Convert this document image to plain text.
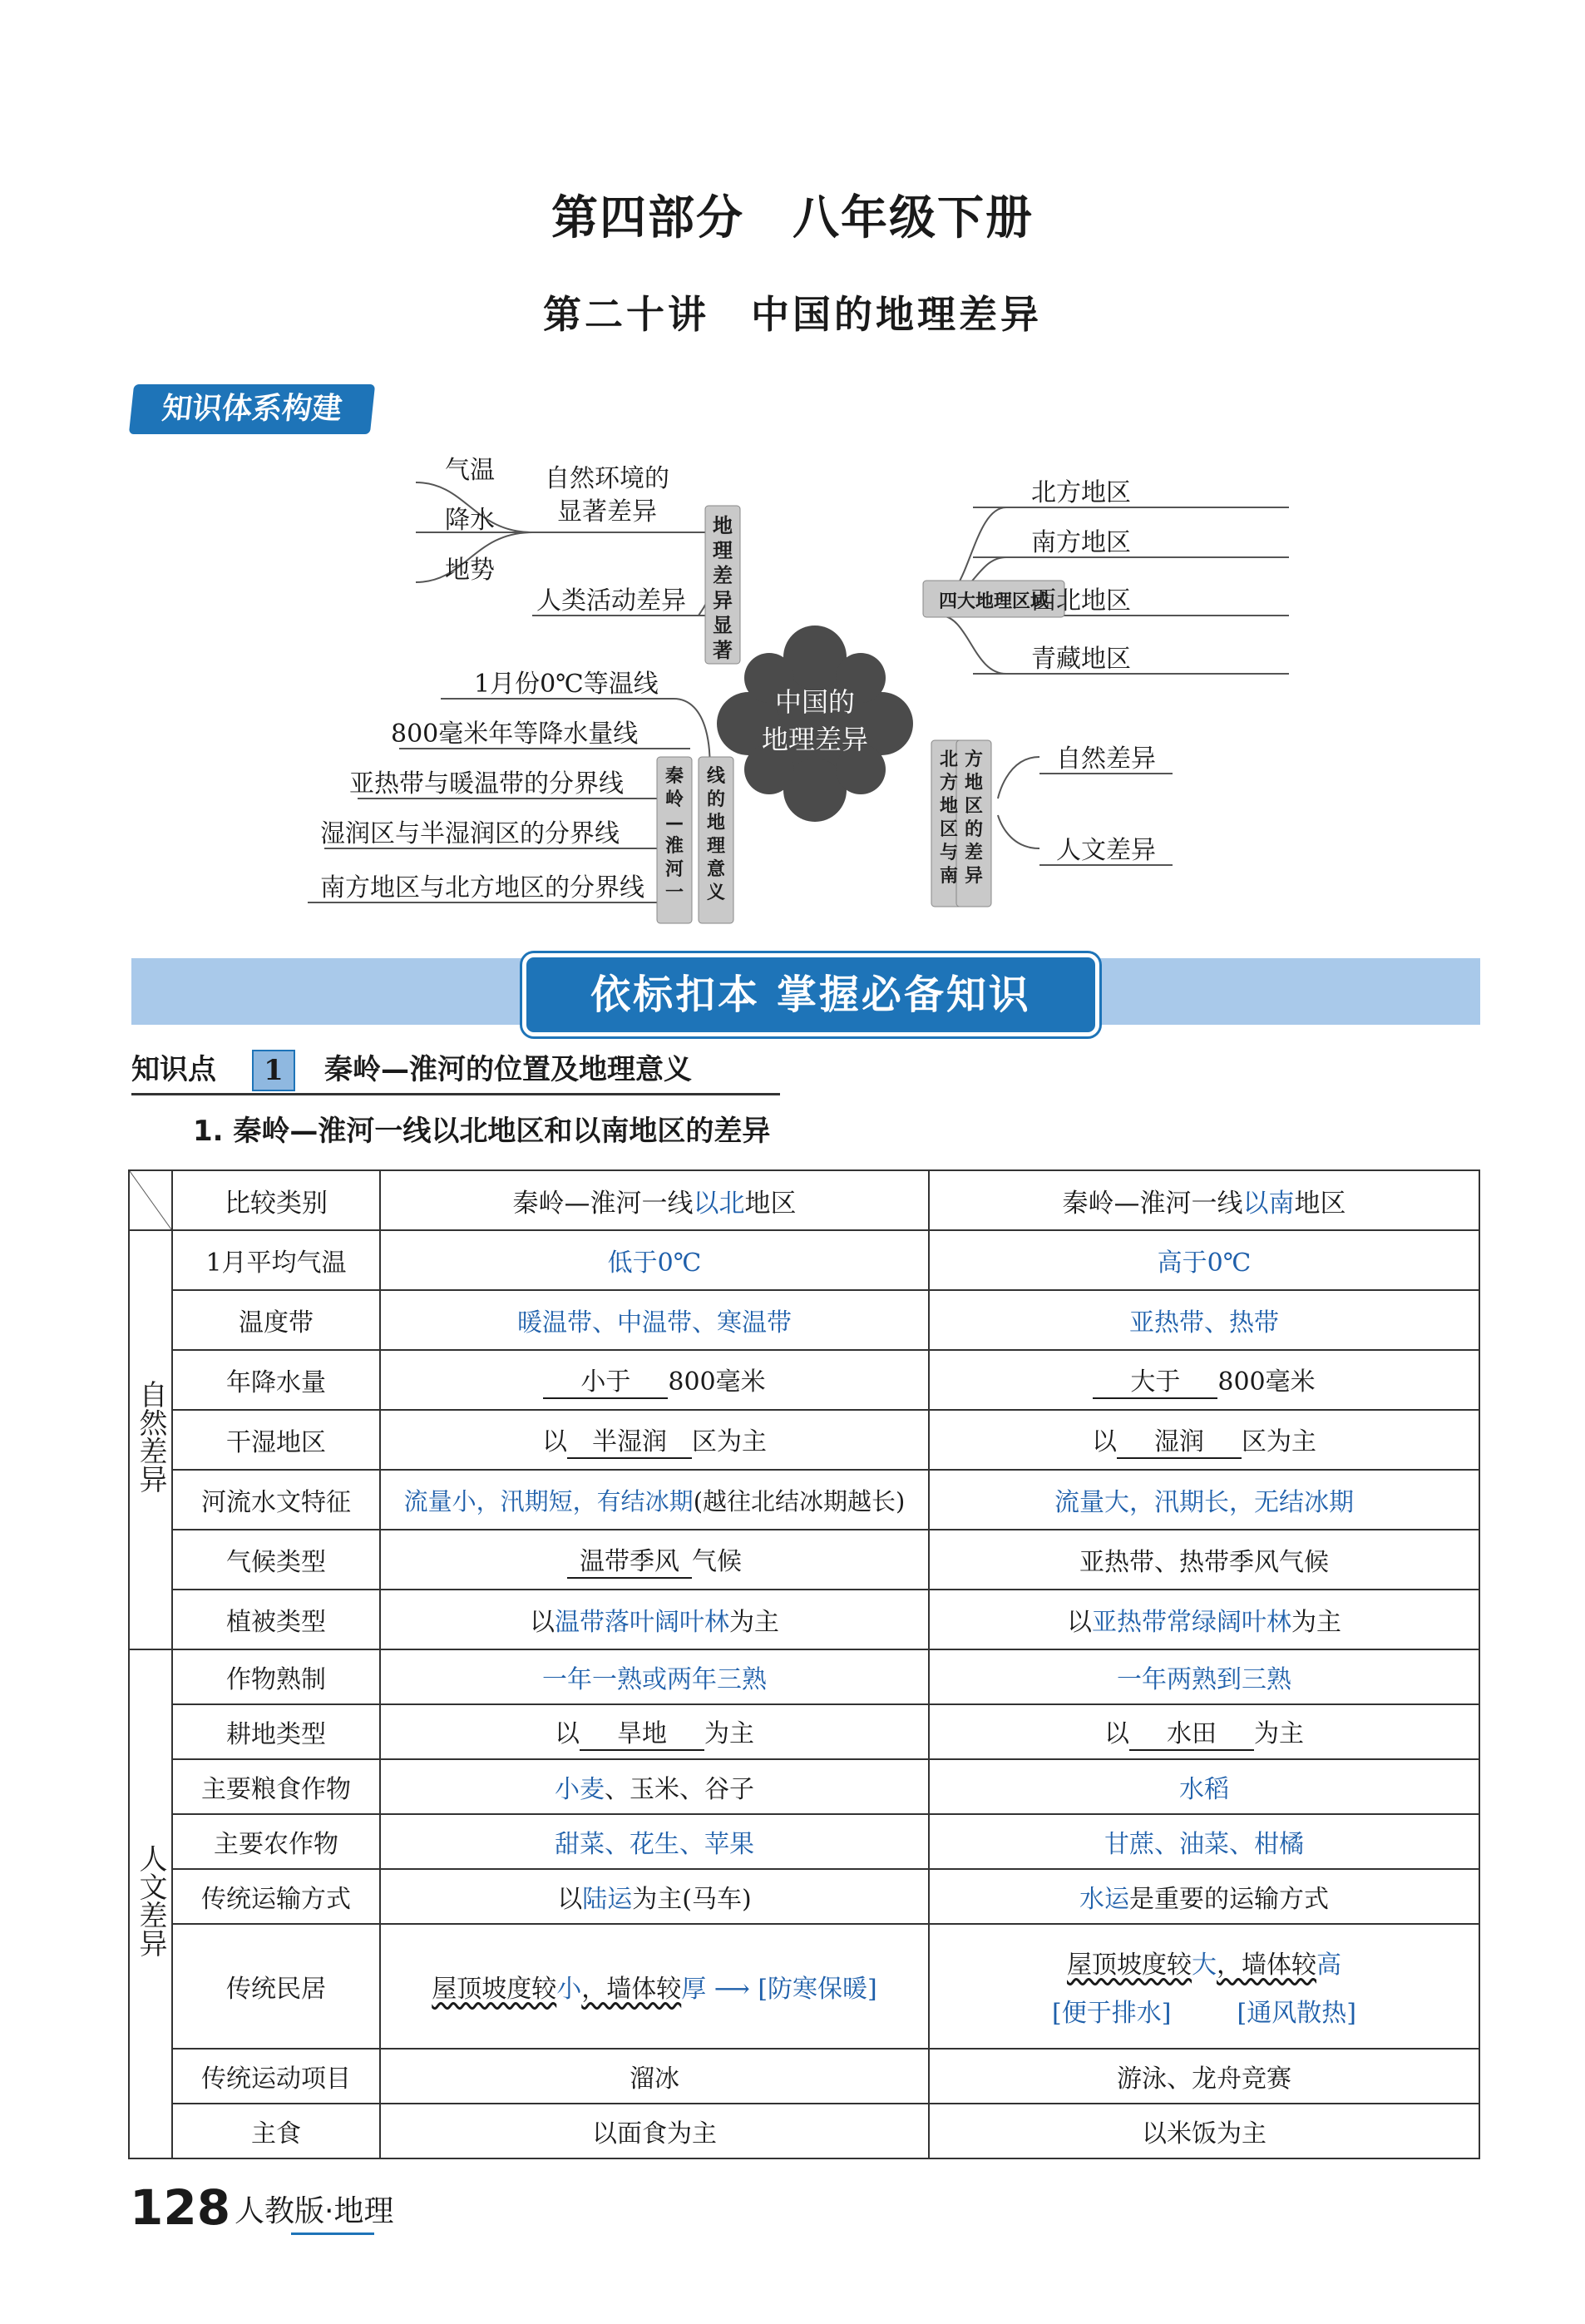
第四部分　八年级下册
第二十讲　中国的地理差异
知识体系构建
中国的
地理差异
气温
降水
地势
自然环境的
显著差异
人类活动差异
地
理
差
异
显
著
四大地理区域
北方地区
南方地区
西北地区
青藏地区
1月份0℃等温线
800毫米年等降水量线
亚热带与暖温带的分界线
湿润区与半湿润区的分界线
南方地区与北方地区的分界线
秦
岭
—
淮
河
一
线
的
地
理
意
义
北
方
地
区
与
南
方
地
区
的
差
异
自然差异
人文差异
依标扣本 掌握必备知识
知识点	1	秦岭—淮河的位置及地理意义
1. 秦岭—淮河一线以北地区和以南地区的差异
	比较类别	秦岭—淮河一线以北地区	秦岭—淮河一线以南地区
自然差异	1月平均气温	低于0℃	高于0℃
	温度带	暖温带、中温带、寒温带	亚热带、热带
	年降水量	小于 800毫米	大于 800毫米
	干湿地区	以 半湿润 区为主	以 湿润 区为主
	河流水文特征	流量小，汛期短，有结冰期(越往北结冰期越长)	流量大，汛期长，无结冰期
	气候类型	温带季风 气候	亚热带、热带季风气候
	植被类型	以温带落叶阔叶林为主	以亚热带常绿阔叶林为主
人文差异	作物熟制	一年一熟或两年三熟	一年两熟到三熟
	耕地类型	以 旱地 为主	以 水田 为主
	主要粮食作物	小麦、玉米、谷子	水稻
	主要农作物	甜菜、花生、苹果	甘蔗、油菜、柑橘
	传统运输方式	以陆运为主(马车)	水运是重要的运输方式
	传统民居	屋顶坡度较小，墙体较厚 ⟶ [防寒保暖]	屋顶坡度较大，墙体较高
[便于排水] [通风散热]

	传统运动项目	溜冰	游泳、龙舟竞赛
	主食	以面食为主	以米饭为主
128 人教版·地理
